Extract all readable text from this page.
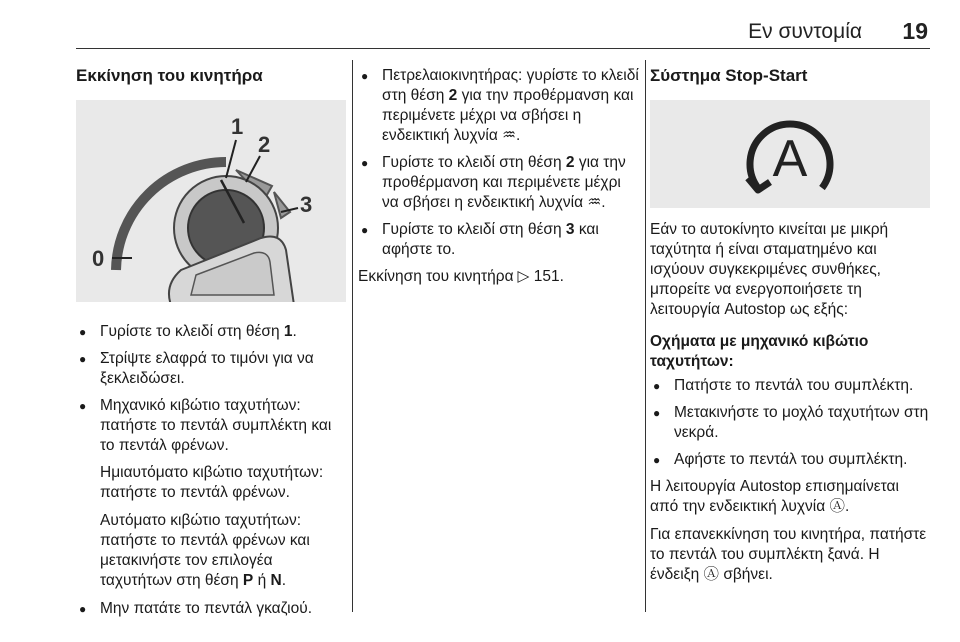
Εν συντομία 19
Εκκίνηση του κινητήρα
1
2
3
0
● Γυρίστε το κλειδί στη θέση 1.
● Στρίψτε ελαφρά το τιμόνι για να ξεκλειδώσει.
● Μηχανικό κιβώτιο ταχυτήτων: πατήστε το πεντάλ συμπλέκτη και το πεντάλ φρένων.

Ημιαυτόματο κιβώτιο ταχυτήτων: πατήστε το πεντάλ φρένων.

Αυτόματο κιβώτιο ταχυτήτων: πατήστε το πεντάλ φρένων και μετακινήστε τον επιλογέα ταχυτήτων στη θέση P ή N.

● Μην πατάτε το πεντάλ γκαζιού.
● Πετρελαιοκινητήρας: γυρίστε το κλειδί στη θέση 2 για την προθέρμανση και περιμένετε μέχρι να σβήσει η ενδεικτική λυχνία ♒.
● Γυρίστε το κλειδί στη θέση 2 για την προθέρμανση και περιμένετε μέχρι να σβήσει η ενδεικτική λυχνία ♒.
● Γυρίστε το κλειδί στη θέση 3 και αφήστε το.

Εκκίνηση του κινητήρα ▷ 151.

Σύστημα Stop-Start
A

Εάν το αυτοκίνητο κινείται με μικρή ταχύτητα ή είναι σταματημένο και ισχύουν συγκεκριμένες συνθήκες, μπορείτε να ενεργοποιήσετε τη λειτουργία Autostop ως εξής:

Οχήματα με μηχανικό κιβώτιο ταχυτήτων:
● Πατήστε το πεντάλ του συμπλέκτη.
● Μετακινήστε το μοχλό ταχυτήτων στη νεκρά.
● Αφήστε το πεντάλ του συμπλέκτη.

Η λειτουργία Autostop επισημαίνεται από την ενδεικτική λυχνία Ⓐ.

Για επανεκκίνηση του κινητήρα, πατήστε το πεντάλ του συμπλέκτη ξανά. Η ένδειξη Ⓐ σβήνει.
